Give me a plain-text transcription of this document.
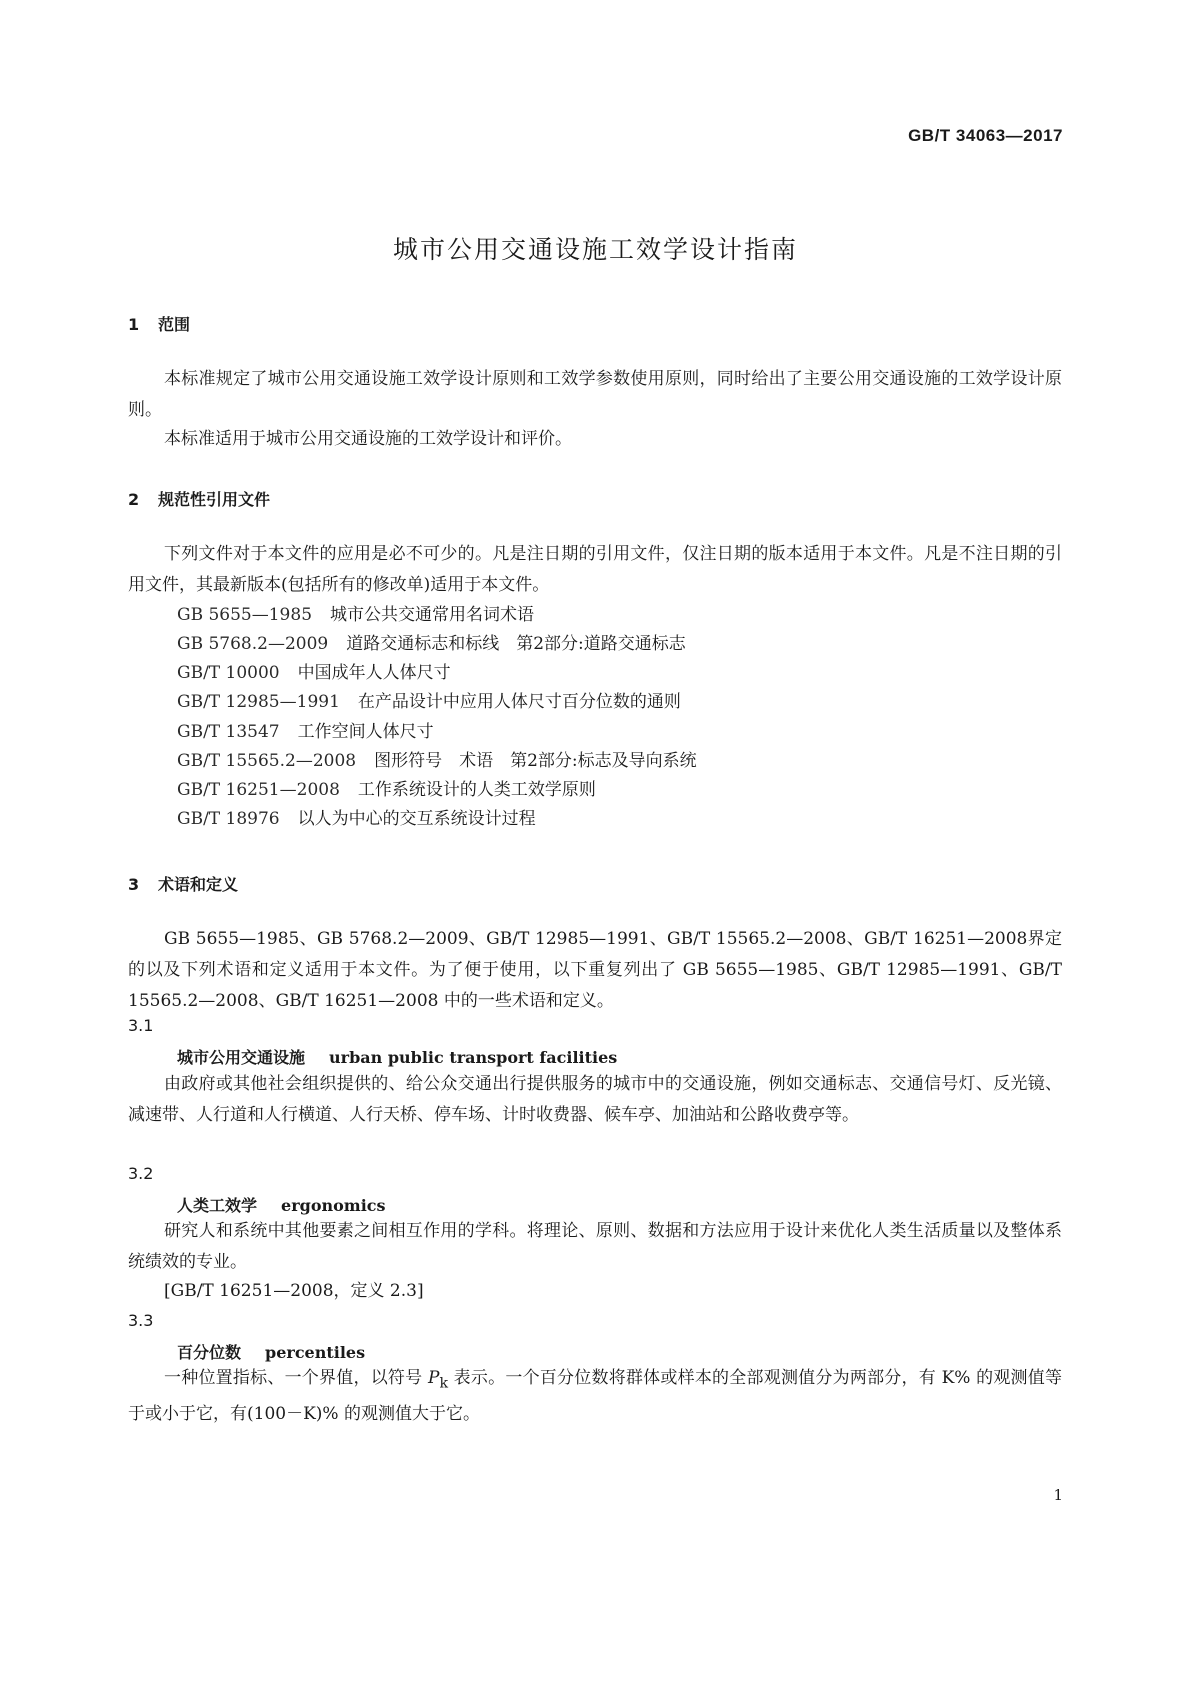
GB/T 34063—2017
城市公用交通设施工效学设计指南
1 范围
本标准规定了城市公用交通设施工效学设计原则和工效学参数使用原则，同时给出了主要公用交通设施的工效学设计原则。
本标准适用于城市公用交通设施的工效学设计和评价。
2 规范性引用文件
下列文件对于本文件的应用是必不可少的。凡是注日期的引用文件，仅注日期的版本适用于本文件。凡是不注日期的引用文件，其最新版本(包括所有的修改单)适用于本文件。
GB 5655—1985 城市公共交通常用名词术语
GB 5768.2—2009 道路交通标志和标线　第2部分:道路交通标志
GB/T 10000 中国成年人人体尺寸
GB/T 12985—1991 在产品设计中应用人体尺寸百分位数的通则
GB/T 13547 工作空间人体尺寸
GB/T 15565.2—2008 图形符号　术语　第2部分:标志及导向系统
GB/T 16251—2008 工作系统设计的人类工效学原则
GB/T 18976 以人为中心的交互系统设计过程
3 术语和定义
GB 5655—1985、GB 5768.2—2009、GB/T 12985—1991、GB/T 15565.2—2008、GB/T 16251—2008界定的以及下列术语和定义适用于本文件。为了便于使用，以下重复列出了 GB 5655—1985、GB/T 12985—1991、GB/T 15565.2—2008、GB/T 16251—2008 中的一些术语和定义。
3.1
城市公用交通设施 urban public transport facilities
由政府或其他社会组织提供的、给公众交通出行提供服务的城市中的交通设施，例如交通标志、交通信号灯、反光镜、减速带、人行道和人行横道、人行天桥、停车场、计时收费器、候车亭、加油站和公路收费亭等。
3.2
人类工效学 ergonomics
研究人和系统中其他要素之间相互作用的学科。将理论、原则、数据和方法应用于设计来优化人类生活质量以及整体系统绩效的专业。
[GB/T 16251—2008，定义 2.3]
3.3
百分位数 percentiles
一种位置指标、一个界值，以符号 $P_k$ 表示。一个百分位数将群体或样本的全部观测值分为两部分，有 K% 的观测值等于或小于它，有(100－K)% 的观测值大于它。
1
